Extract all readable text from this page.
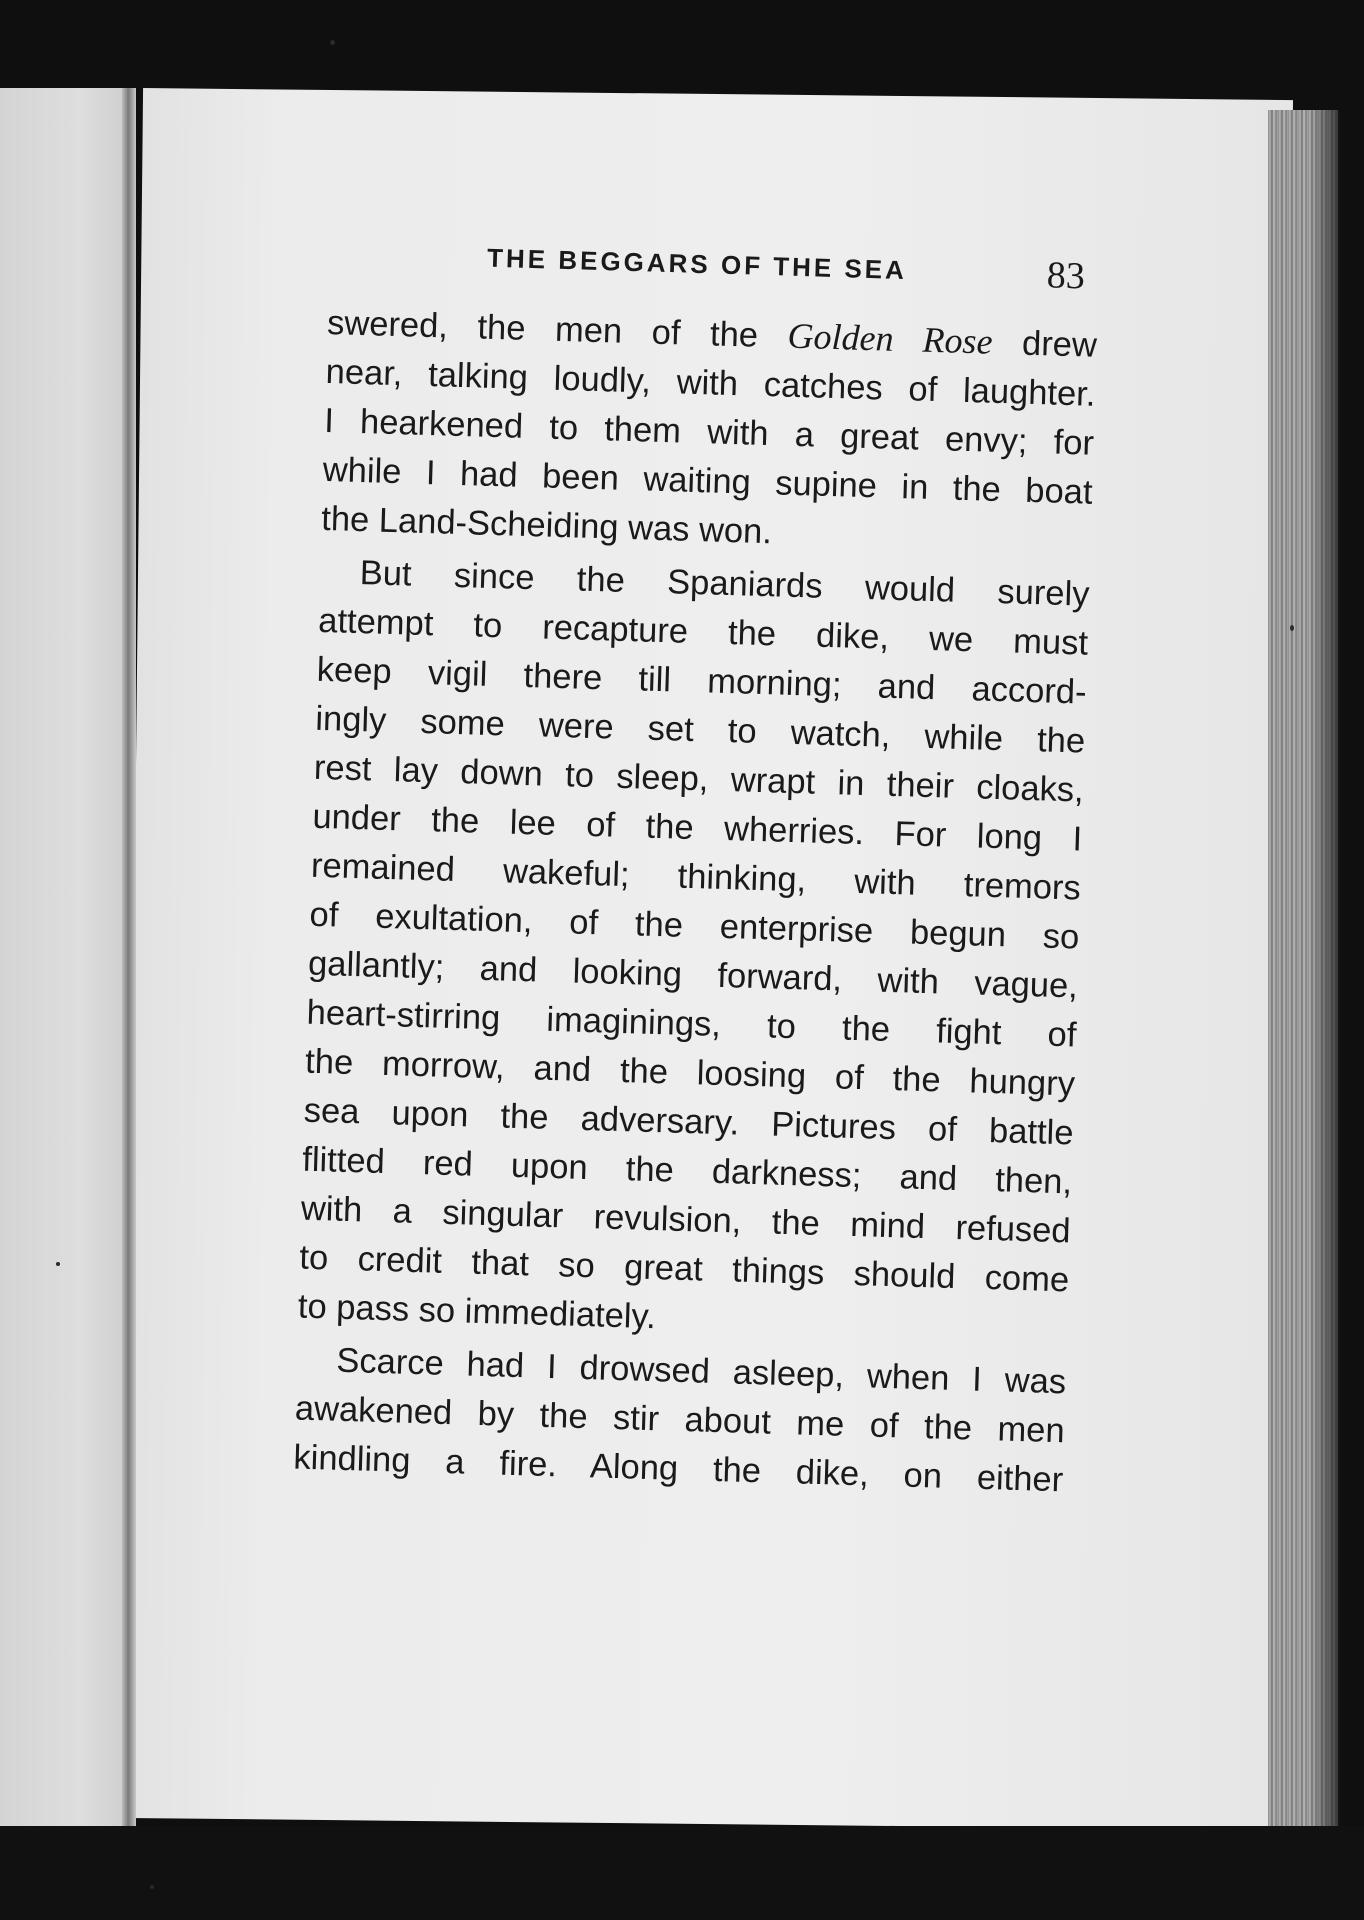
THE BEGGARS OF THE SEA	83

swered, the men of the Golden Rose drew

near, talking loudly, with catches of laughter.

I hearkened to them with a great envy; for

while I had been waiting supine in the boat

the Land-Scheiding was won.

But since the Spaniards would surely

attempt to recapture the dike, we must

keep vigil there till morning; and accord-

ingly some were set to watch, while the

rest lay down to sleep, wrapt in their cloaks,

under the lee of the wherries. For long I

remained wakeful; thinking, with tremors

of exultation, of the enterprise begun so

gallantly; and looking forward, with vague,

heart-stirring imaginings, to the fight of

the morrow, and the loosing of the hungry

sea upon the adversary. Pictures of battle

flitted red upon the darkness; and then,

with a singular revulsion, the mind refused

to credit that so great things should come

to pass so immediately.

Scarce had I drowsed asleep, when I was

awakened by the stir about me of the men

kindling a fire. Along the dike, on either
